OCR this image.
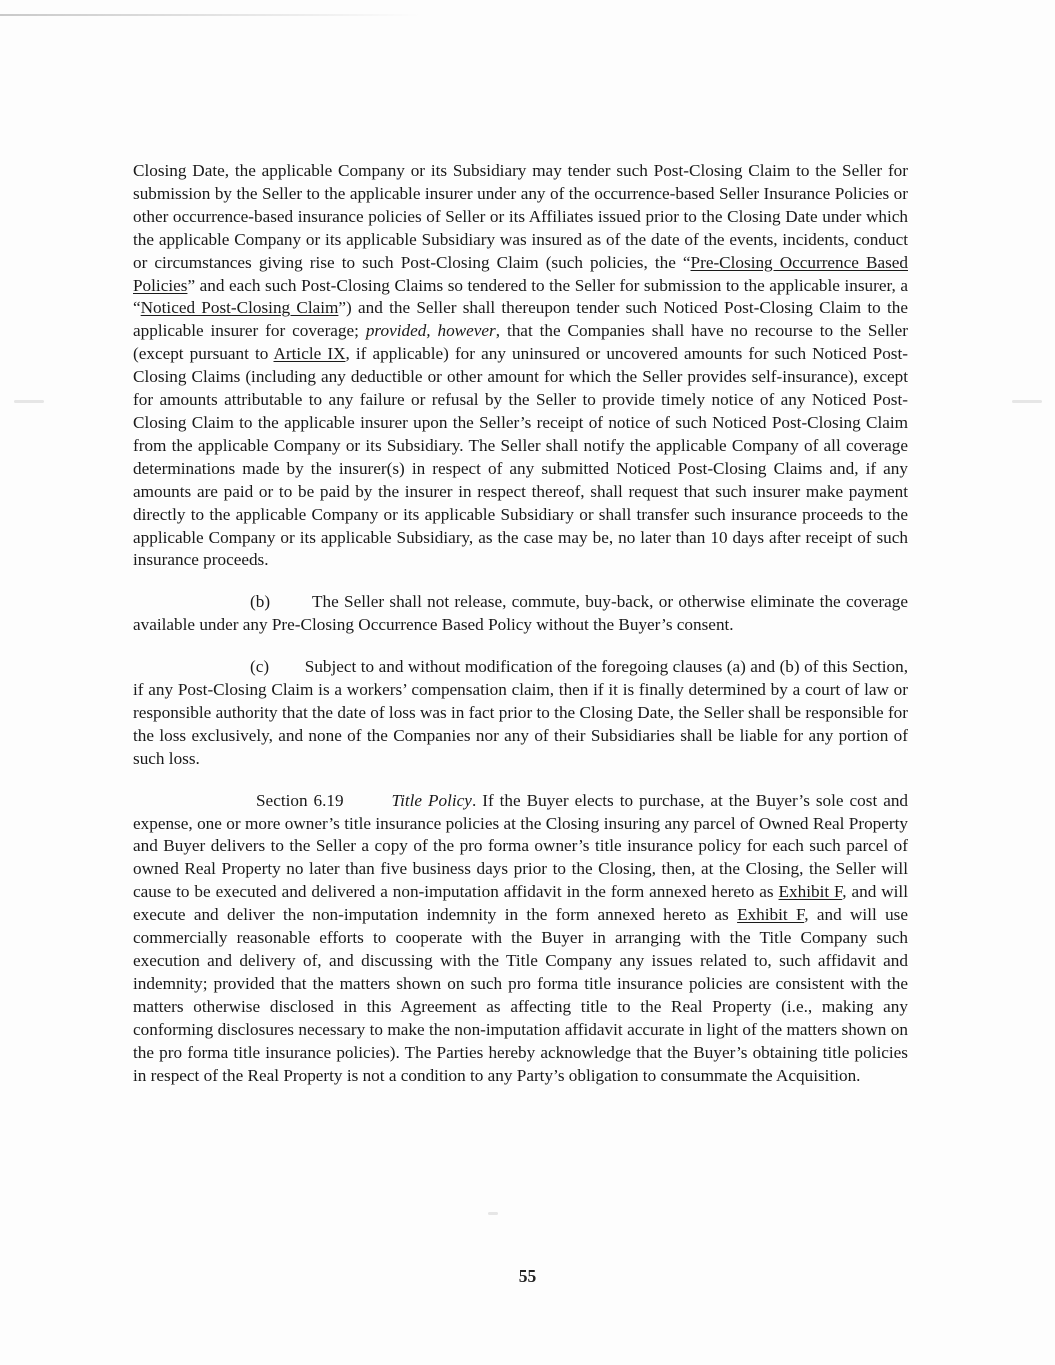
Closing Date, the applicable Company or its Subsidiary may tender such Post-Closing Claim to the Seller for submission by the Seller to the applicable insurer under any of the occurrence-based Seller Insurance Policies or other occurrence-based insurance policies of Seller or its Affiliates issued prior to the Closing Date under which the applicable Company or its applicable Subsidiary was insured as of the date of the events, incidents, conduct or circumstances giving rise to such Post-Closing Claim (such policies, the “Pre-Closing Occurrence Based Policies” and each such Post-Closing Claims so tendered to the Seller for submission to the applicable insurer, a “Noticed Post-Closing Claim”) and the Seller shall thereupon tender such Noticed Post-Closing Claim to the applicable insurer for coverage; provided, however, that the Companies shall have no recourse to the Seller (except pursuant to Article IX, if applicable) for any uninsured or uncovered amounts for such Noticed Post-Closing Claims (including any deductible or other amount for which the Seller provides self-insurance), except for amounts attributable to any failure or refusal by the Seller to provide timely notice of any Noticed Post-Closing Claim to the applicable insurer upon the Seller’s receipt of notice of such Noticed Post-Closing Claim from the applicable Company or its Subsidiary. The Seller shall notify the applicable Company of all coverage determinations made by the insurer(s) in respect of any submitted Noticed Post-Closing Claims and, if any amounts are paid or to be paid by the insurer in respect thereof, shall request that such insurer make payment directly to the applicable Company or its applicable Subsidiary or shall transfer such insurance proceeds to the applicable Company or its applicable Subsidiary, as the case may be, no later than 10 days after receipt of such insurance proceeds.

(b) The Seller shall not release, commute, buy-back, or otherwise eliminate the coverage available under any Pre-Closing Occurrence Based Policy without the Buyer’s consent.

(c) Subject to and without modification of the foregoing clauses (a) and (b) of this Section, if any Post-Closing Claim is a workers’ compensation claim, then if it is finally determined by a court of law or responsible authority that the date of loss was in fact prior to the Closing Date, the Seller shall be responsible for the loss exclusively, and none of the Companies nor any of their Subsidiaries shall be liable for any portion of such loss.

Section 6.19	Title Policy. If the Buyer elects to purchase, at the Buyer’s sole cost and expense, one or more owner’s title insurance policies at the Closing insuring any parcel of Owned Real Property and Buyer delivers to the Seller a copy of the pro forma owner’s title insurance policy for each such parcel of owned Real Property no later than five business days prior to the Closing, then, at the Closing, the Seller will cause to be executed and delivered a non-imputation affidavit in the form annexed hereto as Exhibit F, and will execute and deliver the non-imputation indemnity in the form annexed hereto as Exhibit F, and will use commercially reasonable efforts to cooperate with the Buyer in arranging with the Title Company such execution and delivery of, and discussing with the Title Company any issues related to, such affidavit and indemnity; provided that the matters shown on such pro forma title insurance policies are consistent with the matters otherwise disclosed in this Agreement as affecting title to the Real Property (i.e., making any conforming disclosures necessary to make the non-imputation affidavit accurate in light of the matters shown on the pro forma title insurance policies). The Parties hereby acknowledge that the Buyer’s obtaining title policies in respect of the Real Property is not a condition to any Party’s obligation to consummate the Acquisition.

55
